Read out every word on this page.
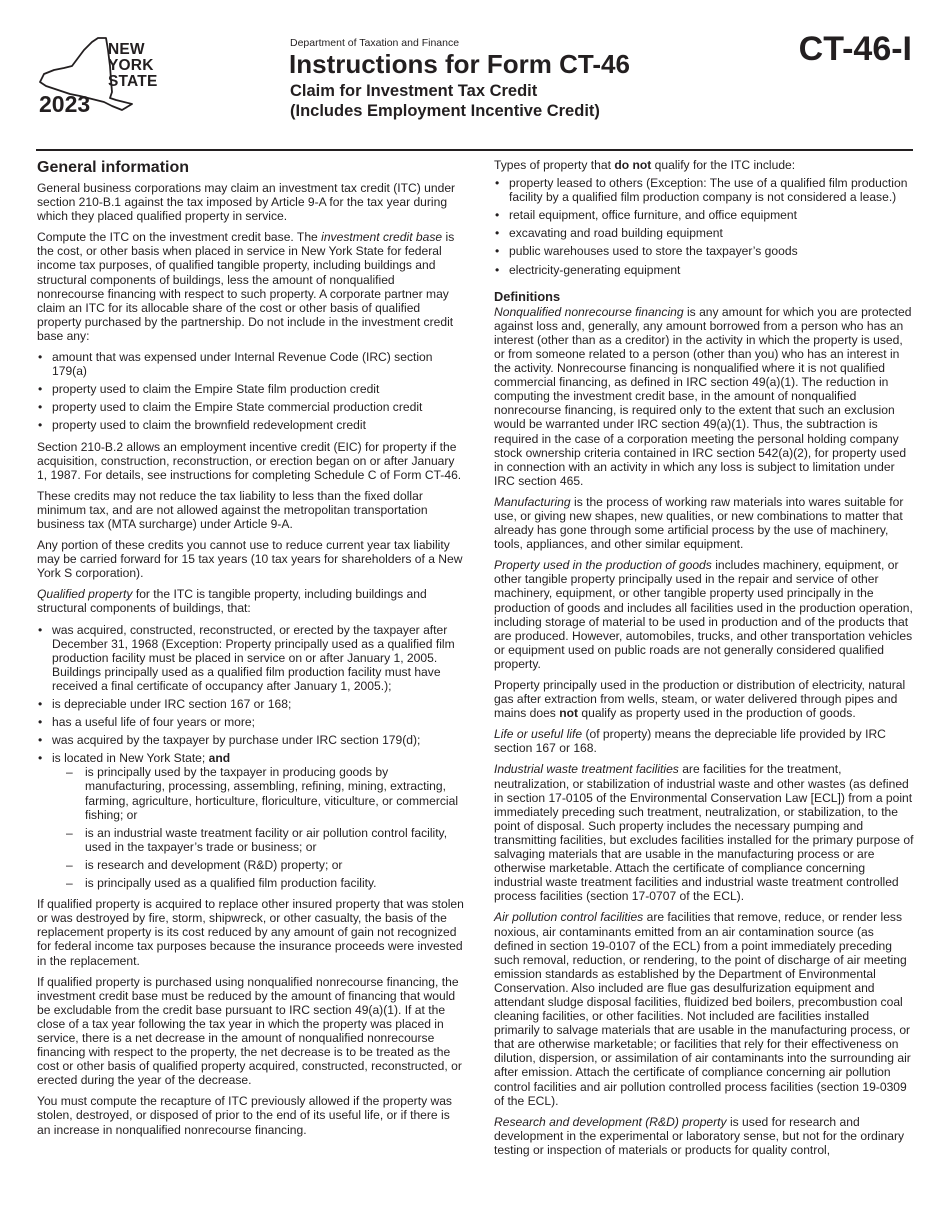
NEW
YORK
STATE
2023
Department of Taxation and Finance
Instructions for Form CT-46
Claim for Investment Tax Credit
(Includes Employment Incentive Credit)
CT-46-I
General information

General business corporations may claim an investment tax credit (ITC) under section 210-B.1 against the tax imposed by Article 9-A for the tax year during which they placed qualified property in service.

Compute the ITC on the investment credit base. The investment credit base is the cost, or other basis when placed in service in New York State for federal income tax purposes, of qualified tangible property, including buildings and structural components of buildings, less the amount of nonqualified nonrecourse financing with respect to such property. A corporate partner may claim an ITC for its allocable share of the cost or other basis of qualified property purchased by the partnership. Do not include in the investment credit base any:

• amount that was expensed under Internal Revenue Code (IRC) section 179(a)
• property used to claim the Empire State film production credit
• property used to claim the Empire State commercial production credit
• property used to claim the brownfield redevelopment credit

Section 210-B.2 allows an employment incentive credit (EIC) for property if the acquisition, construction, reconstruction, or erection began on or after January 1, 1987. For details, see instructions for completing Schedule C of Form CT-46.

These credits may not reduce the tax liability to less than the fixed dollar minimum tax, and are not allowed against the metropolitan transportation business tax (MTA surcharge) under Article 9-A.

Any portion of these credits you cannot use to reduce current year tax liability may be carried forward for 15 tax years (10 tax years for shareholders of a New York S corporation).

Qualified property for the ITC is tangible property, including buildings and structural components of buildings, that:

• was acquired, constructed, reconstructed, or erected by the taxpayer after December 31, 1968 (Exception: Property principally used as a qualified film production facility must be placed in service on or after January 1, 2005. Buildings principally used as a qualified film production facility must have received a final certificate of occupancy after January 1, 2005.);
• is depreciable under IRC section 167 or 168;
• has a useful life of four years or more;
• was acquired by the taxpayer by purchase under IRC section 179(d);
• is located in New York State; and
– is principally used by the taxpayer in producing goods by manufacturing, processing, assembling, refining, mining, extracting, farming, agriculture, horticulture, floriculture, viticulture, or commercial fishing; or
– is an industrial waste treatment facility or air pollution control facility, used in the taxpayer’s trade or business; or
– is research and development (R&D) property; or
– is principally used as a qualified film production facility.

If qualified property is acquired to replace other insured property that was stolen or was destroyed by fire, storm, shipwreck, or other casualty, the basis of the replacement property is its cost reduced by any amount of gain not recognized for federal income tax purposes because the insurance proceeds were invested in the replacement.

If qualified property is purchased using nonqualified nonrecourse financing, the investment credit base must be reduced by the amount of financing that would be excludable from the credit base pursuant to IRC section 49(a)(1). If at the close of a tax year following the tax year in which the property was placed in service, there is a net decrease in the amount of nonqualified nonrecourse financing with respect to the property, the net decrease is to be treated as the cost or other basis of qualified property acquired, constructed, reconstructed, or erected during the year of the decrease.

You must compute the recapture of ITC previously allowed if the property was stolen, destroyed, or disposed of prior to the end of its useful life, or if there is an increase in nonqualified nonrecourse financing.

Types of property that do not qualify for the ITC include:

• property leased to others (Exception: The use of a qualified film production facility by a qualified film production company is not considered a lease.)
• retail equipment, office furniture, and office equipment
• excavating and road building equipment
• public warehouses used to store the taxpayer’s goods
• electricity-generating equipment
Definitions

Nonqualified nonrecourse financing is any amount for which you are protected against loss and, generally, any amount borrowed from a person who has an interest (other than as a creditor) in the activity in which the property is used, or from someone related to a person (other than you) who has an interest in the activity. Nonrecourse financing is nonqualified where it is not qualified commercial financing, as defined in IRC section 49(a)(1). The reduction in computing the investment credit base, in the amount of nonqualified nonrecourse financing, is required only to the extent that such an exclusion would be warranted under IRC section 49(a)(1). Thus, the subtraction is required in the case of a corporation meeting the personal holding company stock ownership criteria contained in IRC section 542(a)(2), for property used in connection with an activity in which any loss is subject to limitation under IRC section 465.

Manufacturing is the process of working raw materials into wares suitable for use, or giving new shapes, new qualities, or new combinations to matter that already has gone through some artificial process by the use of machinery, tools, appliances, and other similar equipment.

Property used in the production of goods includes machinery, equipment, or other tangible property principally used in the repair and service of other machinery, equipment, or other tangible property used principally in the production of goods and includes all facilities used in the production operation, including storage of material to be used in production and of the products that are produced. However, automobiles, trucks, and other transportation vehicles or equipment used on public roads are not generally considered qualified property.

Property principally used in the production or distribution of electricity, natural gas after extraction from wells, steam, or water delivered through pipes and mains does not qualify as property used in the production of goods.

Life or useful life (of property) means the depreciable life provided by IRC section 167 or 168.

Industrial waste treatment facilities are facilities for the treatment, neutralization, or stabilization of industrial waste and other wastes (as defined in section 17-0105 of the Environmental Conservation Law [ECL]) from a point immediately preceding such treatment, neutralization, or stabilization, to the point of disposal. Such property includes the necessary pumping and transmitting facilities, but excludes facilities installed for the primary purpose of salvaging materials that are usable in the manufacturing process or are otherwise marketable. Attach the certificate of compliance concerning industrial waste treatment facilities and industrial waste treatment controlled process facilities (section 17-0707 of the ECL).

Air pollution control facilities are facilities that remove, reduce, or render less noxious, air contaminants emitted from an air contamination source (as defined in section 19-0107 of the ECL) from a point immediately preceding such removal, reduction, or rendering, to the point of discharge of air meeting emission standards as established by the Department of Environmental Conservation. Also included are flue gas desulfurization equipment and attendant sludge disposal facilities, fluidized bed boilers, precombustion coal cleaning facilities, or other facilities. Not included are facilities installed primarily to salvage materials that are usable in the manufacturing process, or that are otherwise marketable; or facilities that rely for their effectiveness on dilution, dispersion, or assimilation of air contaminants into the surrounding air after emission. Attach the certificate of compliance concerning air pollution control facilities and air pollution controlled process facilities (section 19-0309 of the ECL).

Research and development (R&D) property is used for research and development in the experimental or laboratory sense, but not for the ordinary testing or inspection of materials or products for quality control,
